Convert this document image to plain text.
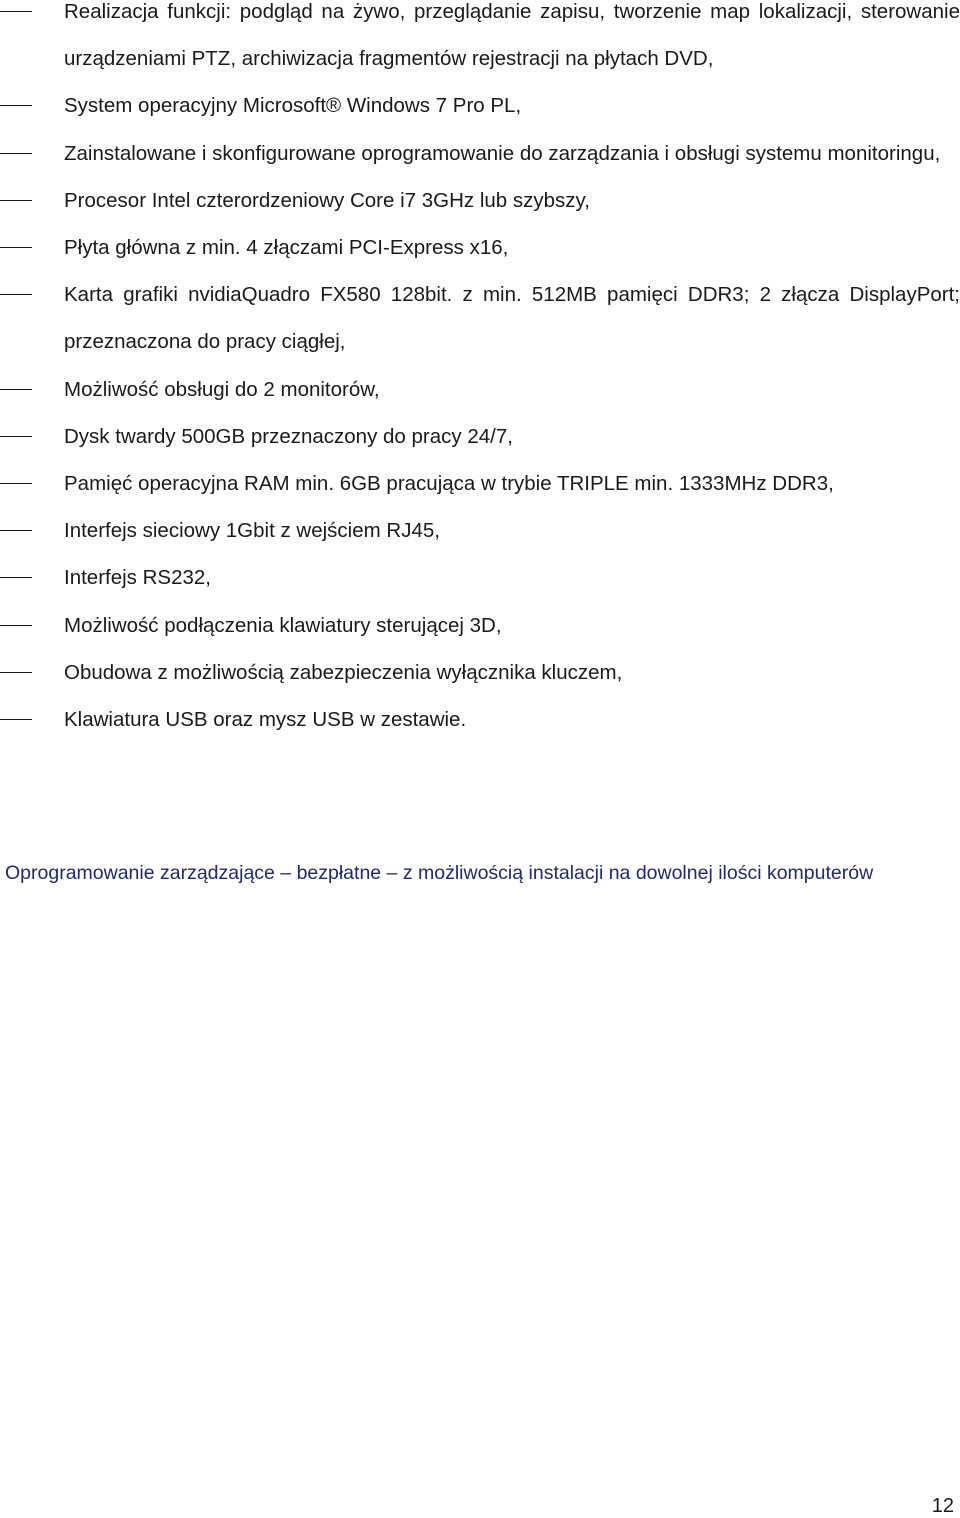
Realizacja funkcji: podgląd na żywo, przeglądanie zapisu, tworzenie map lokalizacji, sterowanie urządzeniami PTZ, archiwizacja fragmentów rejestracji na płytach DVD,
System operacyjny Microsoft® Windows 7 Pro PL,
Zainstalowane i skonfigurowane oprogramowanie do zarządzania i obsługi systemu monitoringu,
Procesor Intel czterordzeniowy Core i7 3GHz lub szybszy,
Płyta główna z min. 4 złączami PCI-Express x16,
Karta grafiki nvidiaQuadro FX580 128bit. z min. 512MB pamięci DDR3; 2 złącza DisplayPort; przeznaczona do pracy ciągłej,
Możliwość obsługi do 2 monitorów,
Dysk twardy 500GB przeznaczony do pracy 24/7,
Pamięć operacyjna RAM min. 6GB pracująca w trybie TRIPLE min. 1333MHz DDR3,
Interfejs sieciowy 1Gbit z wejściem RJ45,
Interfejs RS232,
Możliwość podłączenia klawiatury sterującej 3D,
Obudowa z możliwością zabezpieczenia wyłącznika kluczem,
Klawiatura USB oraz mysz USB w zestawie.
Oprogramowanie zarządzające – bezpłatne – z możliwością instalacji na dowolnej ilości komputerów
12
